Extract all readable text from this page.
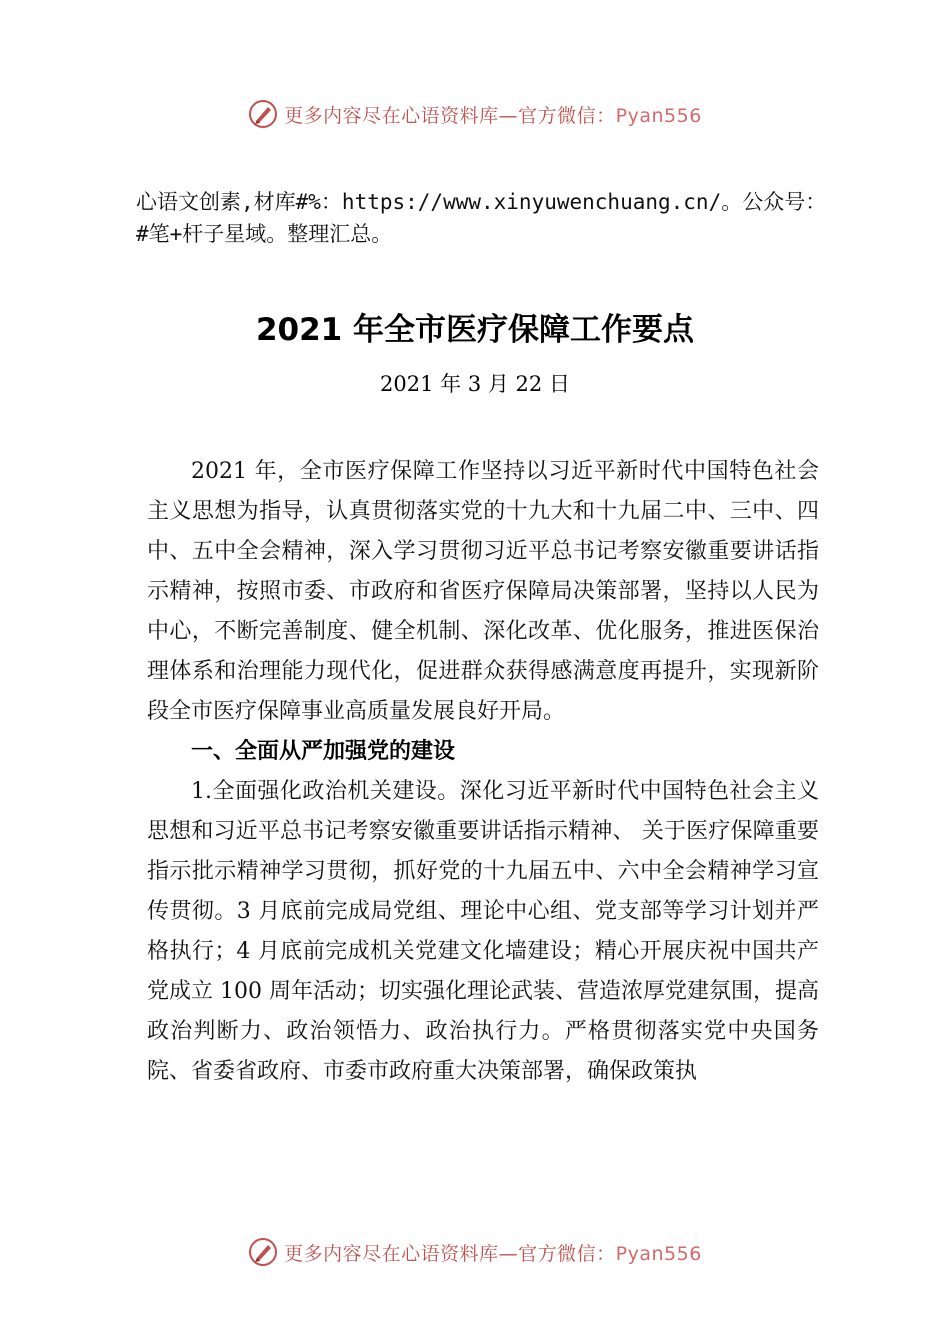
更多内容尽在心语资料库—官方微信：Pyan556
心语文创素,材库#%：https://www.xinyuwenchuang.cn/。公众号：#笔+杆子星域。整理汇总。
2021 年全市医疗保障工作要点
2021 年 3 月 22 日

2021 年，全市医疗保障工作坚持以习近平新时代中国特色社会主义思想为指导，认真贯彻落实党的十九大和十九届二中、三中、四中、五中全会精神，深入学习贯彻习近平总书记考察安徽重要讲话指示精神，按照市委、市政府和省医疗保障局决策部署，坚持以人民为中心，不断完善制度、健全机制、深化改革、优化服务，推进医保治理体系和治理能力现代化，促进群众获得感满意度再提升，实现新阶段全市医疗保障事业高质量发展良好开局。

一、全面从严加强党的建设

1.全面强化政治机关建设。深化习近平新时代中国特色社会主义思想和习近平总书记考察安徽重要讲话指示精神、 关于医疗保障重要指示批示精神学习贯彻，抓好党的十九届五中、六中全会精神学习宣传贯彻。3 月底前完成局党组、理论中心组、党支部等学习计划并严格执行；4 月底前完成机关党建文化墙建设；精心开展庆祝中国共产党成立 100 周年活动；切实强化理论武装、营造浓厚党建氛围，提高政治判断力、政治领悟力、政治执行力。严格贯彻落实党中央国务院、省委省政府、市委市政府重大决策部署，确保政策执

更多内容尽在心语资料库—官方微信：Pyan556
